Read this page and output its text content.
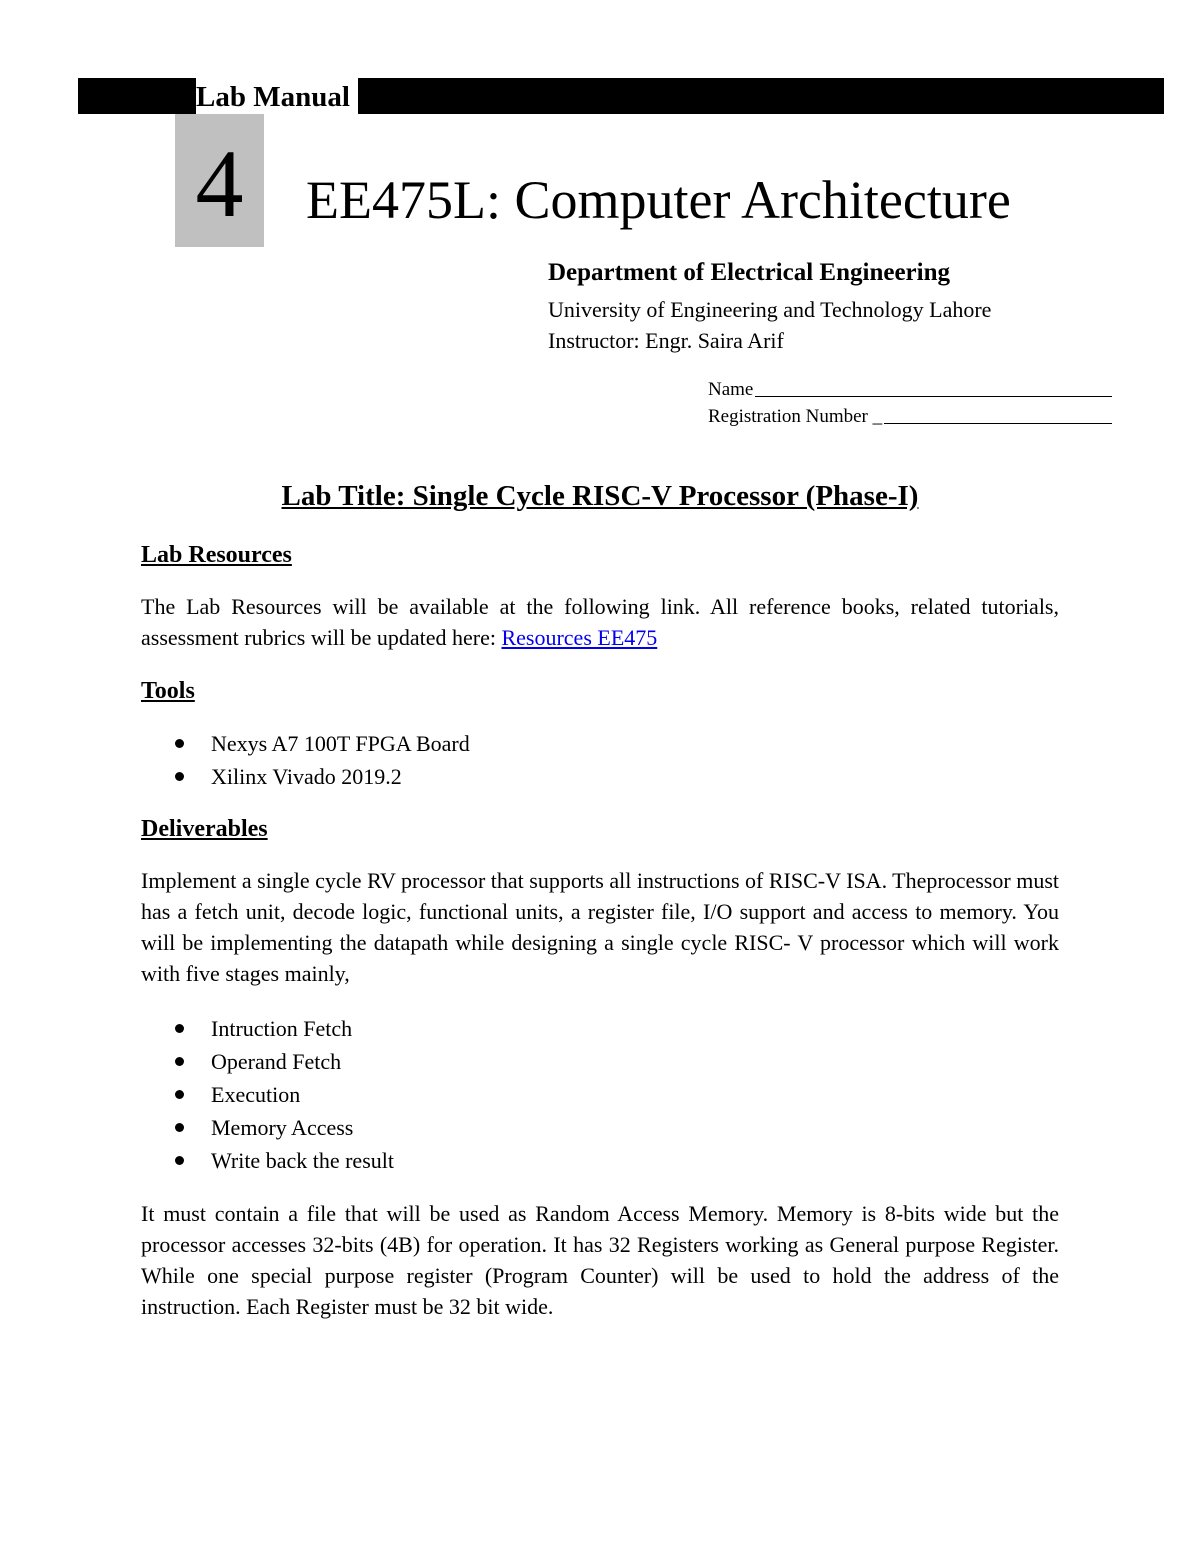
Lab Manual
4	EE475L: Computer Architecture

Department of Electrical Engineering

University of Engineering and Technology Lahore

Instructor: Engr. Saira Arif

Name
Registration Number _
Lab Title: Single Cycle RISC-V Processor (Phase-I)
Lab Resources

The Lab Resources will be available at the following link. All reference books, related tutorials, assessment rubrics will be updated here: Resources EE475

Tools
Nexys A7 100T FPGA Board
Xilinx Vivado 2019.2
Deliverables

Implement a single cycle RV processor that supports all instructions of RISC-V ISA. Theprocessor must has a fetch unit, decode logic, functional units, a register file, I/O support and access to memory. You will be implementing the datapath while designing a single cycle RISC- V processor which will work with five stages mainly,

Intruction Fetch
Operand Fetch
Execution
Memory Access
Write back the result

It must contain a file that will be used as Random Access Memory. Memory is 8-bits wide but the processor accesses 32-bits (4B) for operation. It has 32 Registers working as General purpose Register. While one special purpose register (Program Counter) will be used to hold the address of the instruction. Each Register must be 32 bit wide.
